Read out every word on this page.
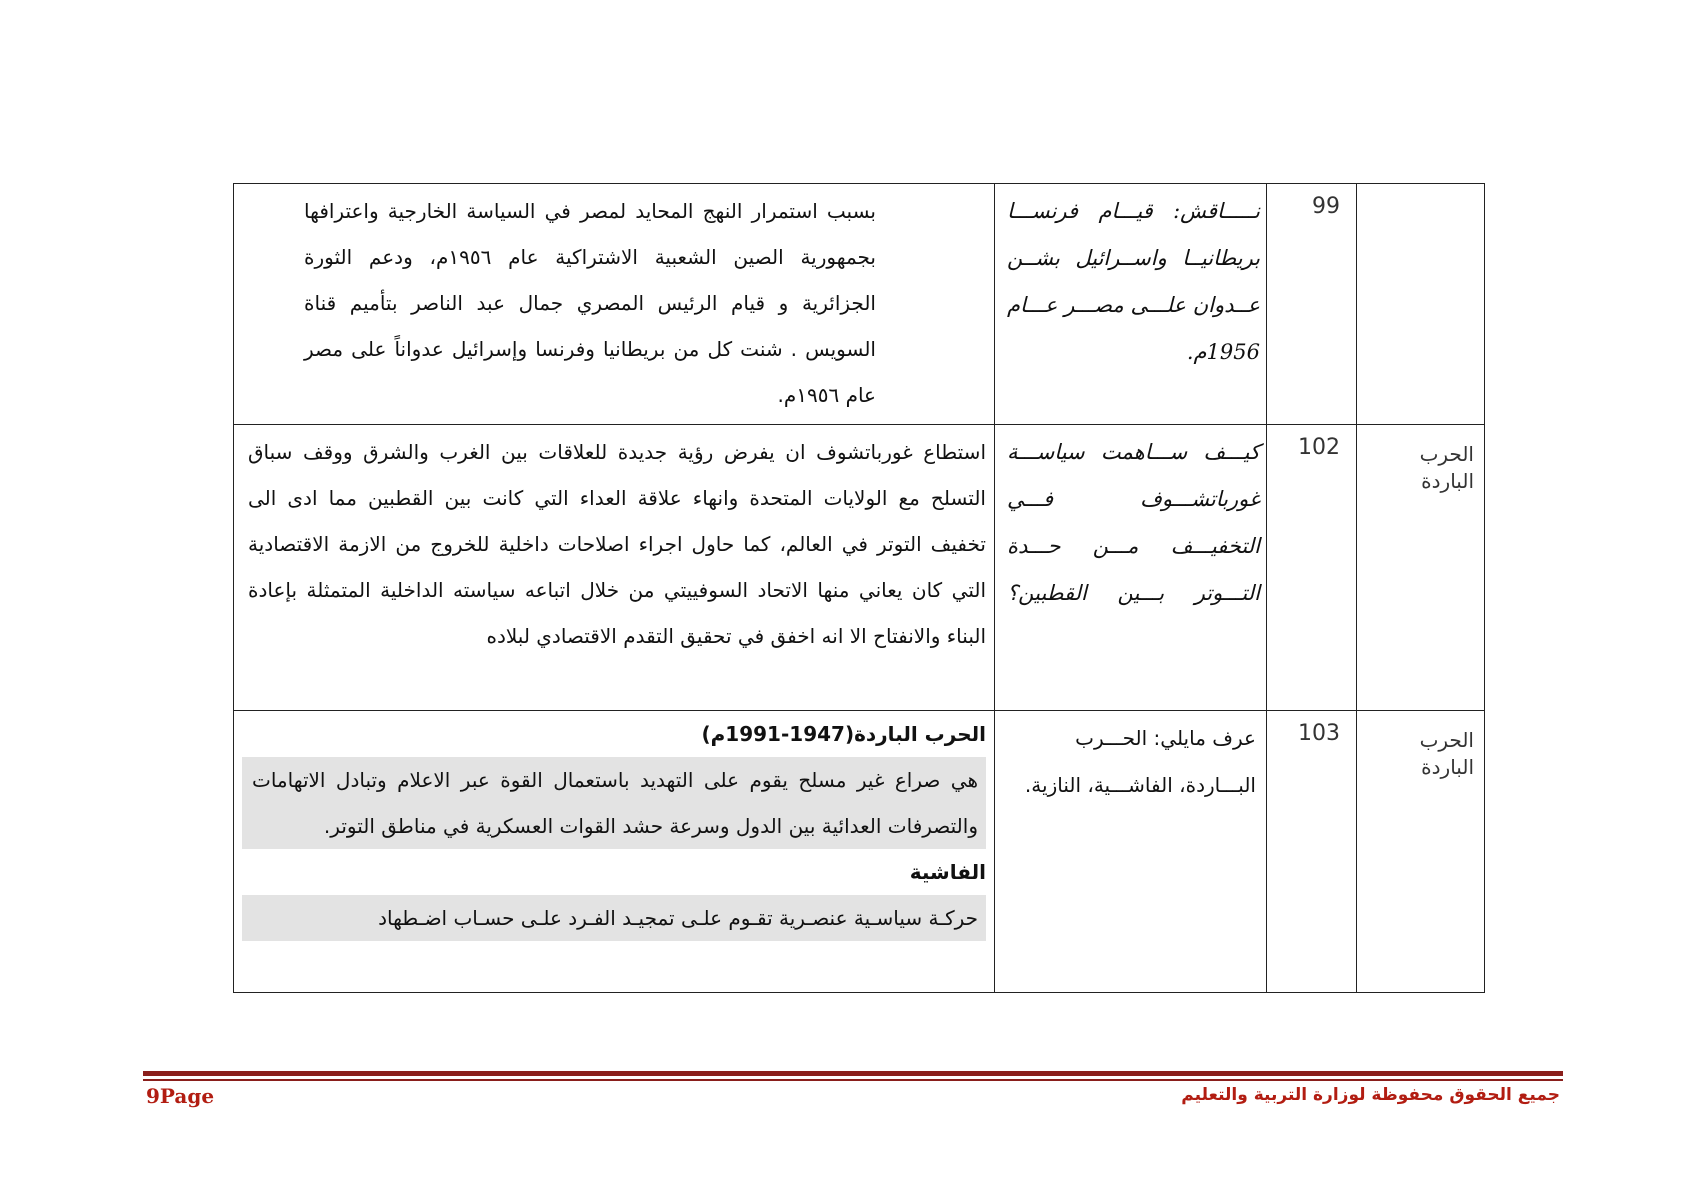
	99	نـــــاقش: قيـــام فرنســـا بريطانيــا واســرائيل بشــن عــدوان علـــى مصـــر عـــام 1956م.	بسبب استمرار النهج المحايد لمصر في السياسة الخارجية واعترافها بجمهورية الصين الشعبية الاشتراكية عام ١٩٥٦م، ودعم الثورة الجزائرية و قيام الرئيس المصري جمال عبد الناصر بتأميم قناة السويس . شنت كل من بريطانيا وفرنسا وإسرائيل عدواناً على مصر عام ١٩٥٦م.

الحرب الباردة	102	كيـــف ســـاهمت سياســـة غورباتشـــوف فـــي التخفيـــف مـــن حـــدة التـــوتر بـــين القطبين؟	استطاع غورباتشوف ان يفرض رؤية جديدة للعلاقات بين الغرب والشرق ووقف سباق التسلح مع الولايات المتحدة وانهاء علاقة العداء التي كانت بين القطبين مما ادى الى تخفيف التوتر في العالم، كما حاول اجراء اصلاحات داخلية للخروج من الازمة الاقتصادية التي كان يعاني منها الاتحاد السوفييتي من خلال اتباعه سياسته الداخلية المتمثلة بإعادة البناء والانفتاح الا انه اخفق في تحقيق التقدم الاقتصادي لبلاده

الحرب الباردة	103	عرف مايلي: الحـــرب البـــاردة، الفاشـــية، النازية.	الحرب الباردة(1947-1991م)
هي صراع غير مسلح يقوم على التهديد باستعمال القوة عبر الاعلام وتبادل الاتهامات والتصرفات العدائية بين الدول وسرعة حشد القوات العسكرية في مناطق التوتر.
الفاشية
حركـة سياسـية عنصـرية تقـوم علـى تمجيـد الفـرد علـى حسـاب اضـطهاد
جميع الحقوق محفوظة لوزارة التربية والتعليم
9Page
